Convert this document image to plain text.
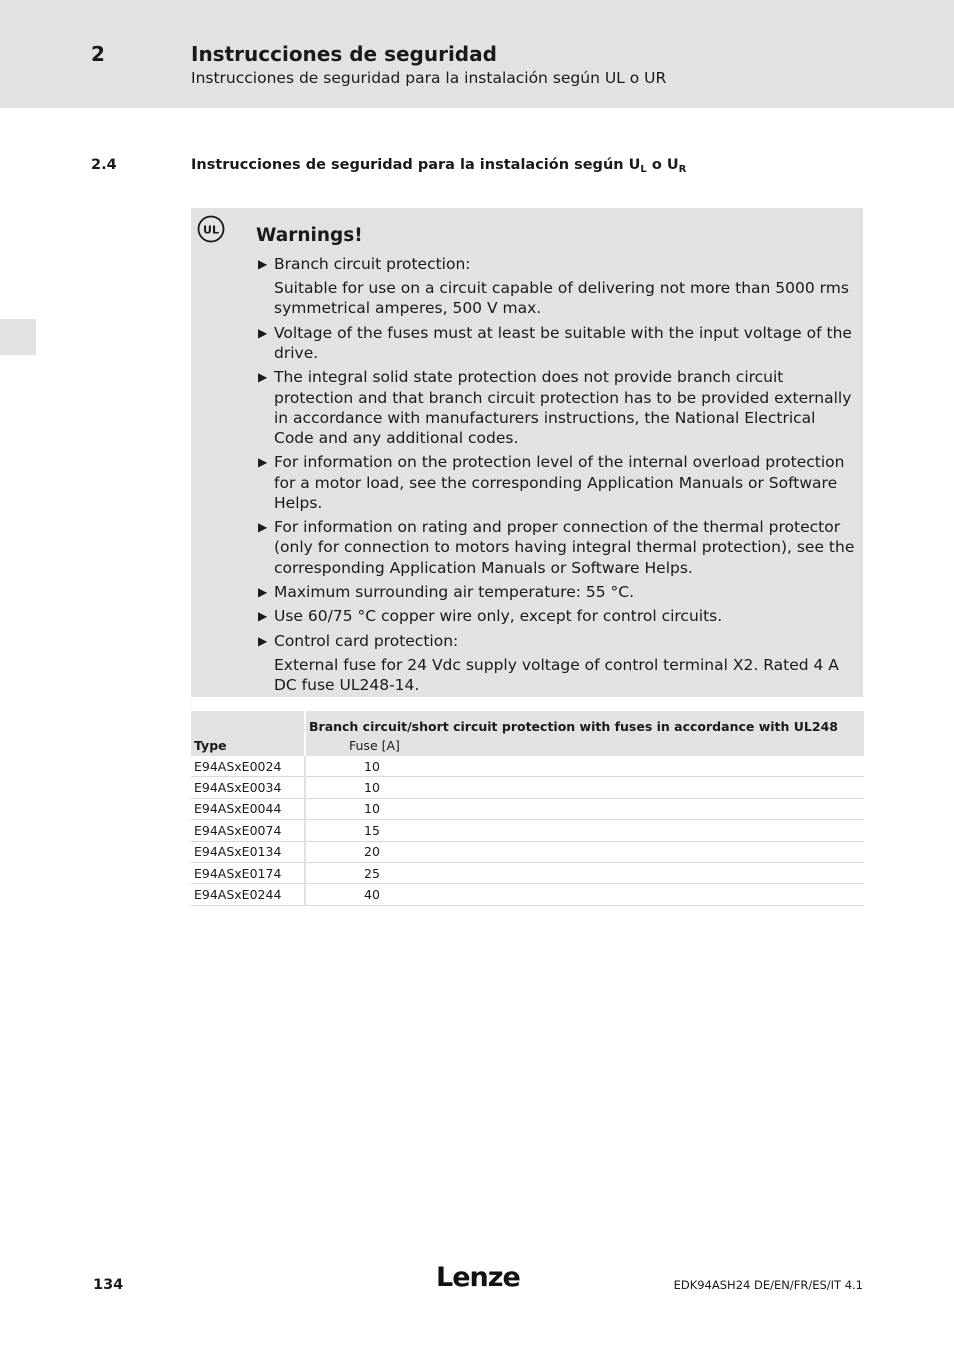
2	Instrucciones de seguridad
Instrucciones de seguridad para la instalación según UL o UR
2.4	Instrucciones de seguridad para la instalación según $U_L$ o $U_R$
UL Warnings!
▶ Branch circuit protection:
Suitable for use on a circuit capable of delivering not more than 5000 rms symmetrical amperes, 500 V max.
▶ Voltage of the fuses must at least be suitable with the input voltage of the drive.
▶ The integral solid state protection does not provide branch circuit protection and that branch circuit protection has to be provided externally in accordance with manufacturers instructions, the National Electrical Code and any additional codes.
▶ For information on the protection level of the internal overload protection for a motor load, see the corresponding Application Manuals or Software Helps.
▶ For information on rating and proper connection of the thermal protector (only for connection to motors having integral thermal protection), see the corresponding Application Manuals or Software Helps.
▶ Maximum surrounding air temperature: 55 °C.
▶ Use 60/75 °C copper wire only, except for control circuits.
▶ Control card protection:
External fuse for 24 Vdc supply voltage of control terminal X2. Rated 4 A DC fuse UL248-14.
	Branch circuit/short circuit protection with fuses in accordance with UL248
Type	Fuse [A]
E94ASxE0024	10
E94ASxE0034	10
E94ASxE0044	10
E94ASxE0074	15
E94ASxE0134	20
E94ASxE0174	25
E94ASxE0244	40
134	Lenze	EDK94ASH24 DE/EN/FR/ES/IT 4.1
